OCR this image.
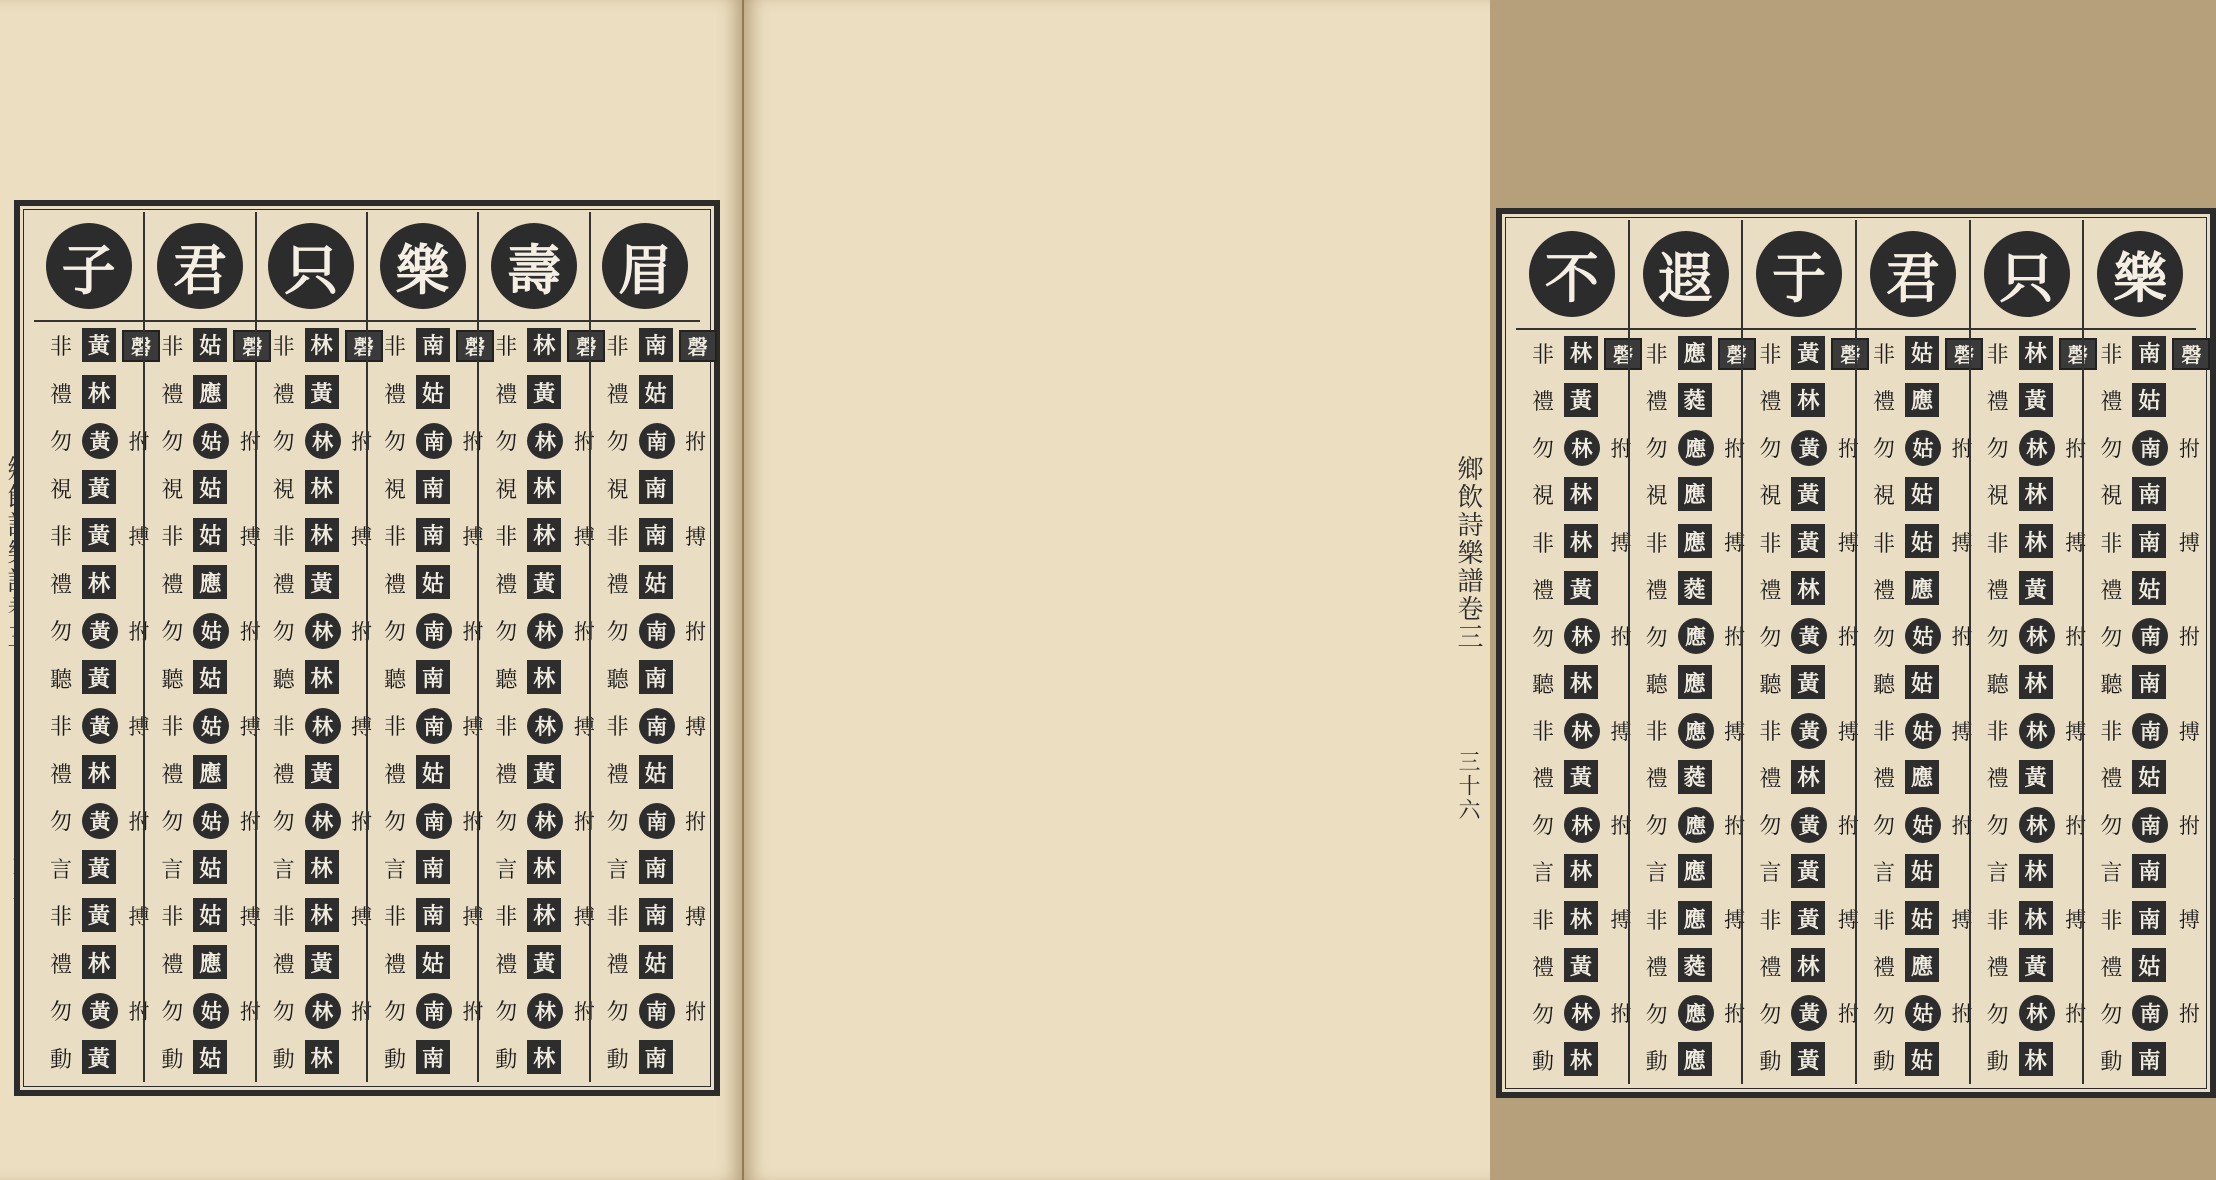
子
非 黃
禮 林
勿 黃
視 黃
非 黃
禮 林
勿 黃
聽 黃
非 黃
禮 林
勿 黃
言 黃
非 黃
禮 林
勿 黃
動 黃
磬
拊
搏
拊
搏
拊
搏
拊
君
非 姑
禮 應
勿 姑
視 姑
非 姑
禮 應
勿 姑
聽 姑
非 姑
禮 應
勿 姑
言 姑
非 姑
禮 應
勿 姑
動 姑
磬
拊
搏
拊
搏
拊
搏
拊
只
非 林
禮 黃
勿 林
視 林
非 林
禮 黃
勿 林
聽 林
非 林
禮 黃
勿 林
言 林
非 林
禮 黃
勿 林
動 林
磬
拊
搏
拊
搏
拊
搏
拊
樂
非 南
禮 姑
勿 南
視 南
非 南
禮 姑
勿 南
聽 南
非 南
禮 姑
勿 南
言 南
非 南
禮 姑
勿 南
動 南
磬
拊
搏
拊
搏
拊
搏
拊
壽
非 林
禮 黃
勿 林
視 林
非 林
禮 黃
勿 林
聽 林
非 林
禮 黃
勿 林
言 林
非 林
禮 黃
勿 林
動 林
磬
拊
搏
拊
搏
拊
搏
拊
眉
非 南
禮 姑
勿 南
視 南
非 南
禮 姑
勿 南
聽 南
非 南
禮 姑
勿 南
言 南
非 南
禮 姑
勿 南
動 南
磬
拊
搏
拊
搏
拊
搏
拊
不
非 林
禮 黃
勿 林
視 林
非 林
禮 黃
勿 林
聽 林
非 林
禮 黃
勿 林
言 林
非 林
禮 黃
勿 林
動 林
磬
拊
搏
拊
搏
拊
搏
拊
遐
非 應
禮 蕤
勿 應
視 應
非 應
禮 蕤
勿 應
聽 應
非 應
禮 蕤
勿 應
言 應
非 應
禮 蕤
勿 應
動 應
磬
拊
搏
拊
搏
拊
搏
拊
于
非 黃
禮 林
勿 黃
視 黃
非 黃
禮 林
勿 黃
聽 黃
非 黃
禮 林
勿 黃
言 黃
非 黃
禮 林
勿 黃
動 黃
磬
拊
搏
拊
搏
拊
搏
拊
君
非 姑
禮 應
勿 姑
視 姑
非 姑
禮 應
勿 姑
聽 姑
非 姑
禮 應
勿 姑
言 姑
非 姑
禮 應
勿 姑
動 姑
磬
拊
搏
拊
搏
拊
搏
拊
只
非 林
禮 黃
勿 林
視 林
非 林
禮 黃
勿 林
聽 林
非 林
禮 黃
勿 林
言 林
非 林
禮 黃
勿 林
動 林
磬
拊
搏
拊
搏
拊
搏
拊
樂
非 南
禮 姑
勿 南
視 南
非 南
禮 姑
勿 南
聽 南
非 南
禮 姑
勿 南
言 南
非 南
禮 姑
勿 南
動 南
磬
拊
搏
拊
搏
拊
搏
拊
鄉飲詩樂譜卷三
三十六
